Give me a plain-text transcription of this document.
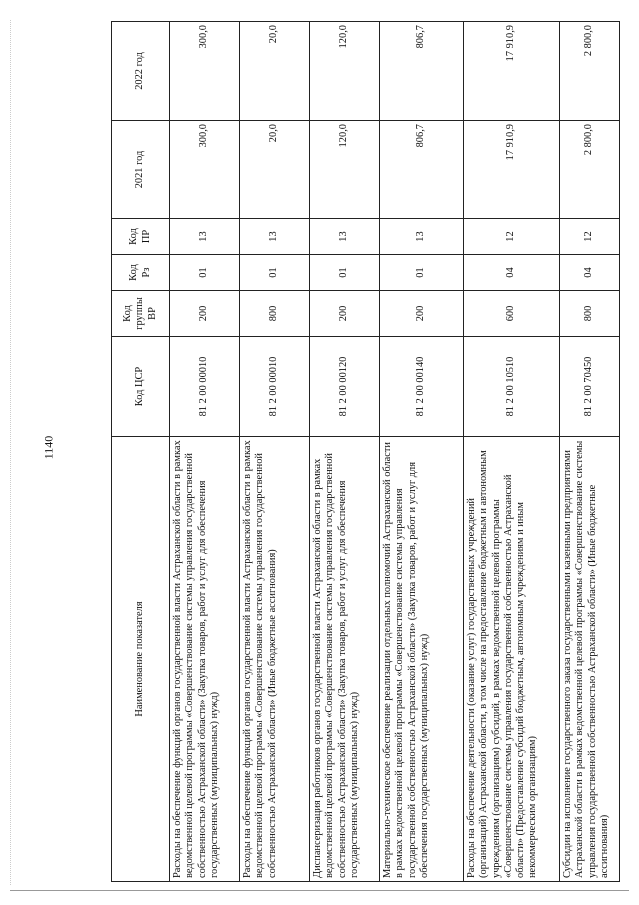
1140
Наименование показателя	Код ЦСР	Код группы ВР	Код Рз	Код ПР	2021 год	2022 год
Расходы на обеспечение функций органов государственной власти Астраханской области в рамках ведомственной целевой программы «Совершенствование системы управления государственной собственностью Астраханской области» (Закупка товаров, работ и услуг для обеспечения государственных (муниципальных) нужд)	81 2 00 00010	200	01	13	300,0	300,0
Расходы на обеспечение функций органов государственной власти Астраханской области в рамках ведомственной целевой программы «Совершенствование системы управления государственной собственностью Астраханской области» (Иные бюджетные ассигнования)	81 2 00 00010	800	01	13	20,0	20,0
Диспансеризация работников органов государственной власти Астраханской области в рамках ведомственной целевой программы «Совершенствование системы управления государственной собственностью Астраханской области» (Закупка товаров, работ и услуг для обеспечения государственных (муниципальных) нужд)	81 2 00 00120	200	01	13	120,0	120,0
Материально-техническое обеспечение реализации отдельных полномочий Астраханской области в рамках ведомственной целевой программы «Совершенствование системы управления государственной собственностью Астраханской области» (Закупка товаров, работ и услуг для обеспечения государственных (муниципальных) нужд)	81 2 00 00140	200	01	13	806,7	806,7
Расходы на обеспечение деятельности (оказание услуг) государственных учреждений (организаций) Астраханской области, в том числе на предоставление бюджетным и автономным учреждениям (организациям) субсидий, в рамках ведомственной целевой программы «Совершенствование системы управления государственной собственностью Астраханской области» (Предоставление субсидий бюджетным, автономным учреждениям и иным некоммерческим организациям)	81 2 00 10510	600	04	12	17 910,9	17 910,9
Субсидии на исполнение государственного заказа государственными казенными предприятиями Астраханской области в рамках ведомственной целевой программы «Совершенствование системы управления государственной собственностью Астраханской области» (Иные бюджетные ассигнования)	81 2 00 70450	800	04	12	2 800,0	2 800,0
